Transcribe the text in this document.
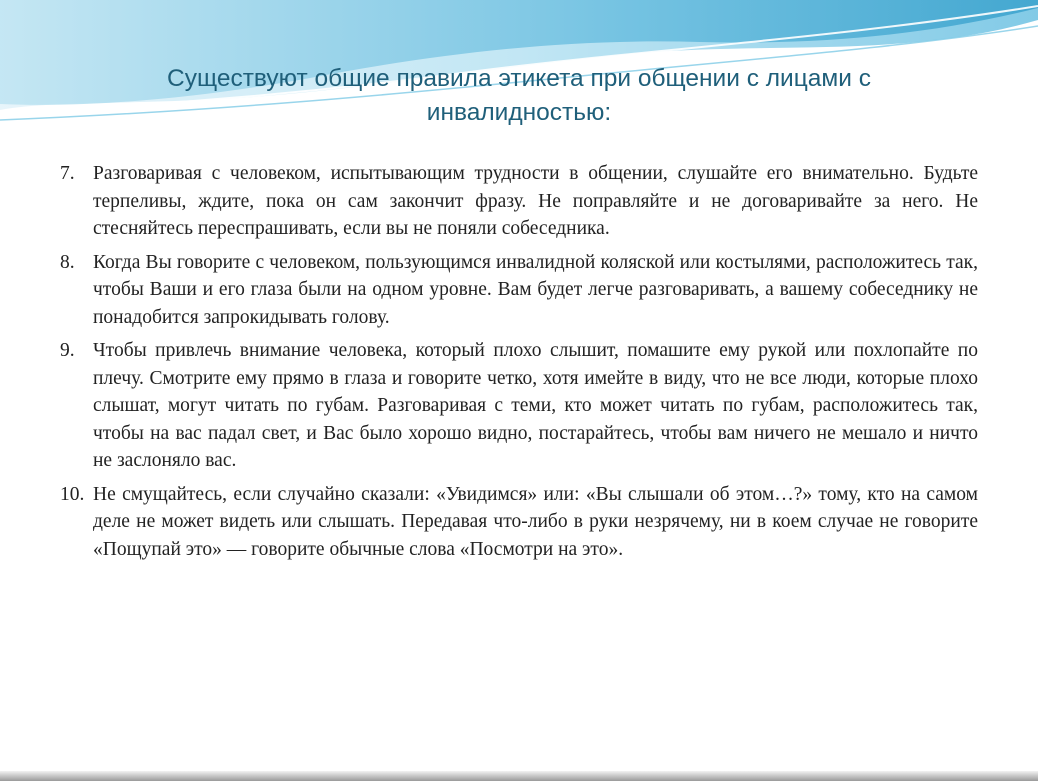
Существуют общие правила этикета при общении с лицами с инвалидностью:
7. Разговаривая с человеком, испытывающим трудности в общении, слушайте его внимательно. Будьте терпеливы, ждите, пока он сам закончит фразу. Не поправляйте и не договаривайте за него. Не стесняйтесь переспрашивать, если вы не поняли собеседника.
8. Когда Вы говорите с человеком, пользующимся инвалидной коляской или костылями, расположитесь так, чтобы Ваши и его глаза были на одном уровне. Вам будет легче разговаривать, а вашему собеседнику не понадобится запрокидывать голову.
9. Чтобы привлечь внимание человека, который плохо слышит, помашите ему рукой или похлопайте по плечу. Смотрите ему прямо в глаза и говорите четко, хотя имейте в виду, что не все люди, которые плохо слышат, могут читать по губам. Разговаривая с теми, кто может читать по губам, расположитесь так, чтобы на вас падал свет, и Вас было хорошо видно, постарайтесь, чтобы вам ничего не мешало и ничто не заслоняло вас.
10. Не смущайтесь, если случайно сказали: «Увидимся» или: «Вы слышали об этом…?» тому, кто на самом деле не может видеть или слышать. Передавая что-либо в руки незрячему, ни в коем случае не говорите «Пощупай это» — говорите обычные слова «Посмотри на это».
